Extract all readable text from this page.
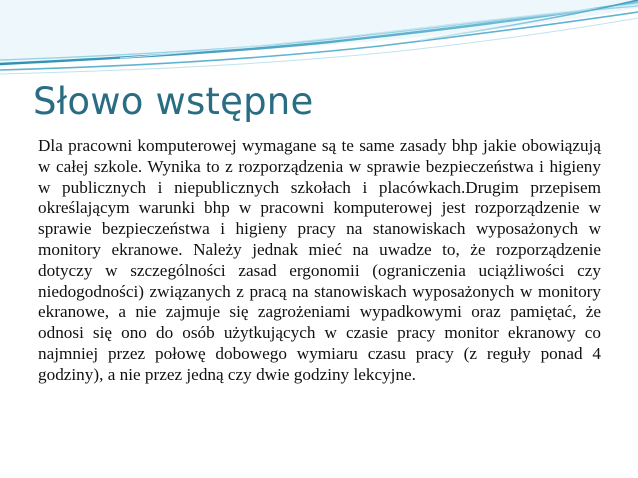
Słowo wstępne

Dla pracowni komputerowej wymagane są te same zasady bhp jakie obowiązują w całej szkole. Wynika to z rozporządzenia w sprawie bezpieczeństwa i higieny w publicznych i niepublicznych szkołach i placówkach.Drugim przepisem określającym warunki bhp w pracowni komputerowej jest rozporządzenie w sprawie bezpieczeństwa i higieny pracy na stanowiskach wyposażonych w monitory ekranowe. Należy jednak mieć na uwadze to, że rozporządzenie dotyczy w szczególności zasad ergonomii (ograniczenia uciążliwości czy niedogodności) związanych z pracą na stanowiskach wyposażonych w monitory ekranowe, a nie zajmuje się zagrożeniami wypadkowymi oraz pamiętać, że odnosi się ono do osób użytkujących w czasie pracy monitor ekranowy co najmniej przez połowę dobowego wymiaru czasu pracy (z reguły ponad 4 godziny), a nie przez jedną czy dwie godziny lekcyjne.
